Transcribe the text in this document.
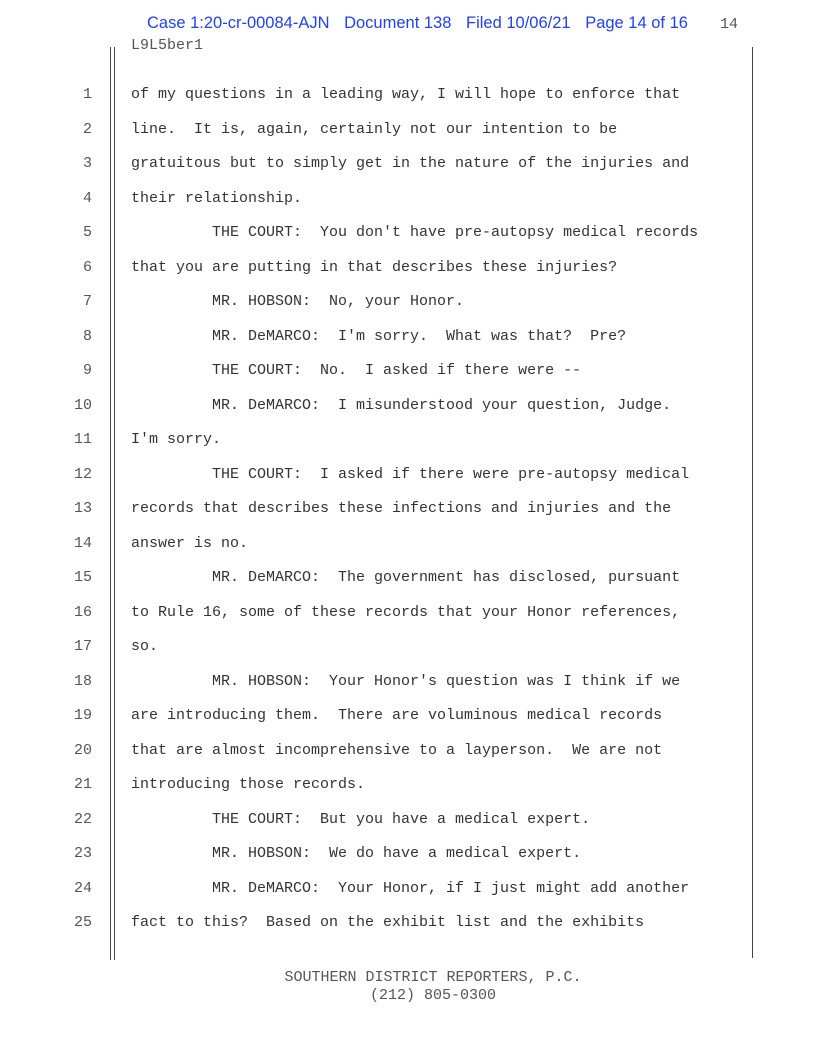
Case 1:20-cr-00084-AJN Document 138 Filed 10/06/21 Page 14 of 16	14
L9L5ber1
1	of my questions in a leading way, I will hope to enforce that
2	line.  It is, again, certainly not our intention to be
3	gratuitous but to simply get in the nature of the injuries and
4	their relationship.
5	THE COURT:  You don't have pre-autopsy medical records
6	that you are putting in that describes these injuries?
7	MR. HOBSON:  No, your Honor.
8	MR. DeMARCO:  I'm sorry.  What was that?  Pre?
9	THE COURT:  No.  I asked if there were --
10	MR. DeMARCO:  I misunderstood your question, Judge.
11	I'm sorry.
12	THE COURT:  I asked if there were pre-autopsy medical
13	records that describes these infections and injuries and the
14	answer is no.
15	MR. DeMARCO:  The government has disclosed, pursuant
16	to Rule 16, some of these records that your Honor references,
17	so.
18	MR. HOBSON:  Your Honor's question was I think if we
19	are introducing them.  There are voluminous medical records
20	that are almost incomprehensive to a layperson.  We are not
21	introducing those records.
22	THE COURT:  But you have a medical expert.
23	MR. HOBSON:  We do have a medical expert.
24	MR. DeMARCO:  Your Honor, if I just might add another
25	fact to this?  Based on the exhibit list and the exhibits
SOUTHERN DISTRICT REPORTERS, P.C.
(212) 805-0300
